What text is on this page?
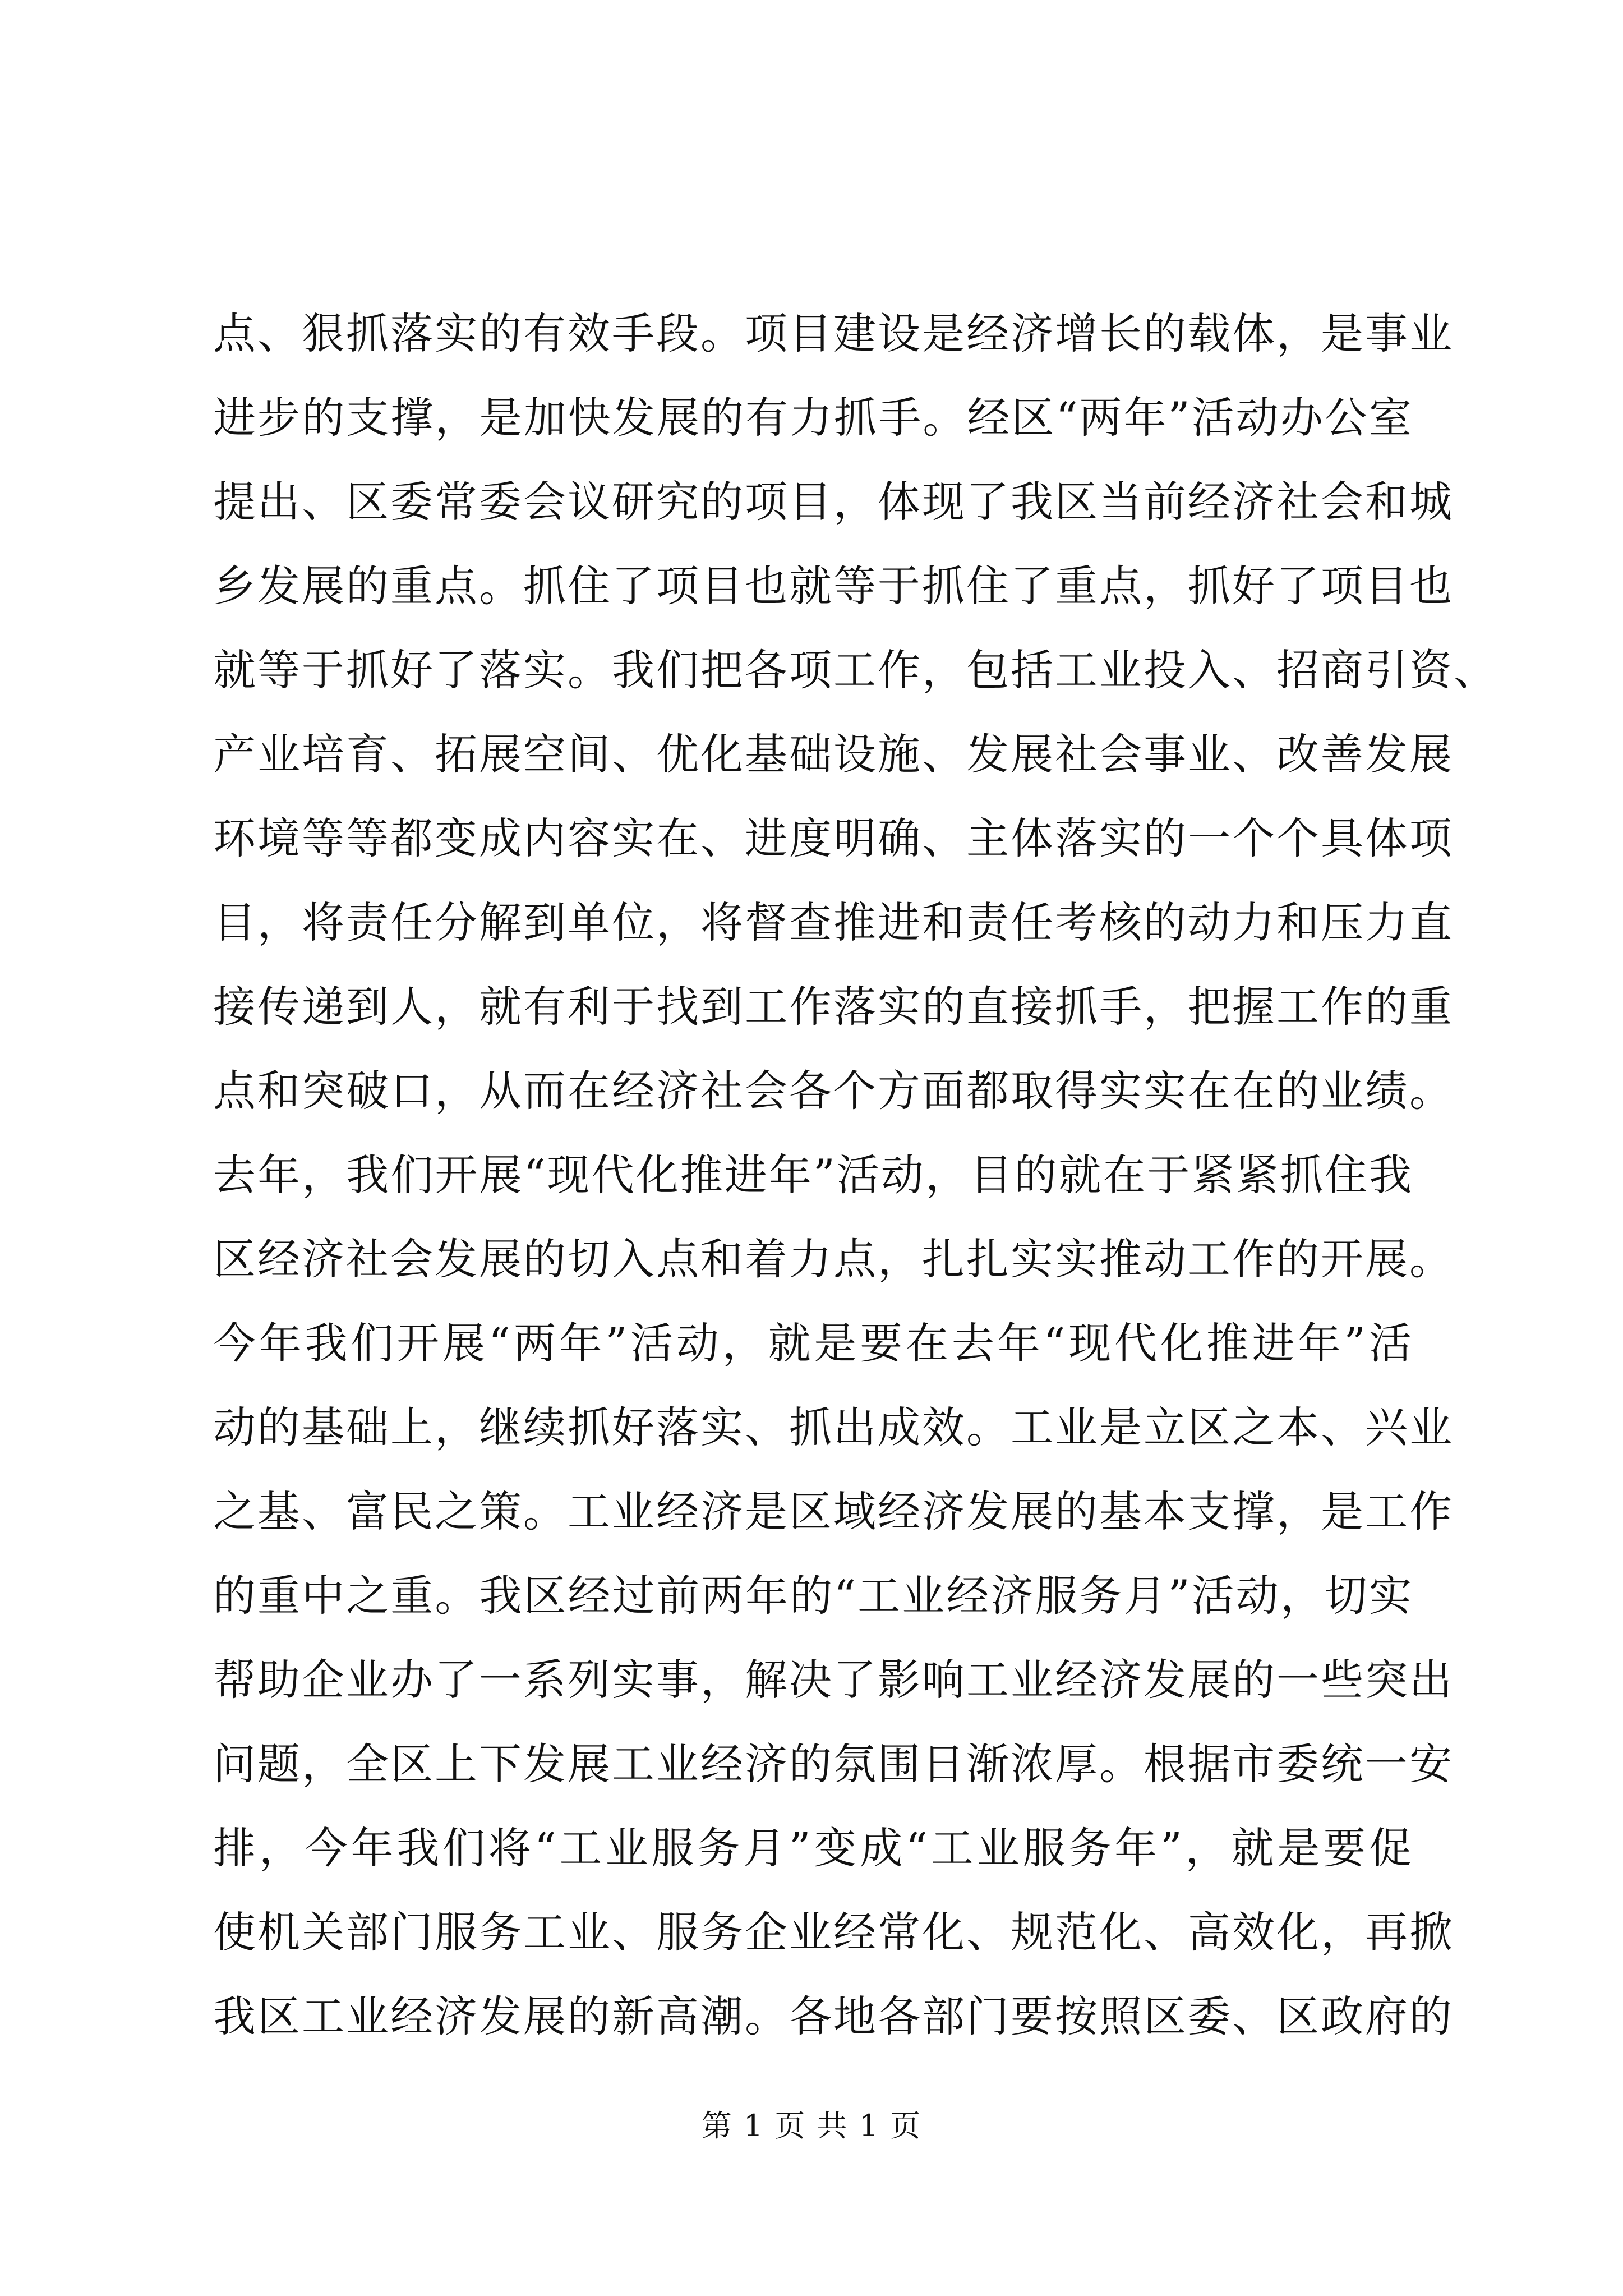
点、狠抓落实的有效手段。项目建设是经济增长的载体，是事业
进步的支撑，是加快发展的有力抓手。经区“两年”活动办公室
提出、区委常委会议研究的项目，体现了我区当前经济社会和城
乡发展的重点。抓住了项目也就等于抓住了重点，抓好了项目也
就等于抓好了落实。我们把各项工作，包括工业投入、招商引资、
产业培育、拓展空间、优化基础设施、发展社会事业、改善发展
环境等等都变成内容实在、进度明确、主体落实的一个个具体项
目，将责任分解到单位，将督查推进和责任考核的动力和压力直
接传递到人，就有利于找到工作落实的直接抓手，把握工作的重
点和突破口，从而在经济社会各个方面都取得实实在在的业绩。
去年，我们开展“现代化推进年”活动，目的就在于紧紧抓住我
区经济社会发展的切入点和着力点，扎扎实实推动工作的开展。
今年我们开展“两年”活动，就是要在去年“现代化推进年”活
动的基础上，继续抓好落实、抓出成效。工业是立区之本、兴业
之基、富民之策。工业经济是区域经济发展的基本支撑，是工作
的重中之重。我区经过前两年的“工业经济服务月”活动，切实
帮助企业办了一系列实事，解决了影响工业经济发展的一些突出
问题，全区上下发展工业经济的氛围日渐浓厚。根据市委统一安
排，今年我们将“工业服务月”变成“工业服务年”，就是要促
使机关部门服务工业、服务企业经常化、规范化、高效化，再掀
我区工业经济发展的新高潮。各地各部门要按照区委、区政府的
第 1 页 共 1 页
